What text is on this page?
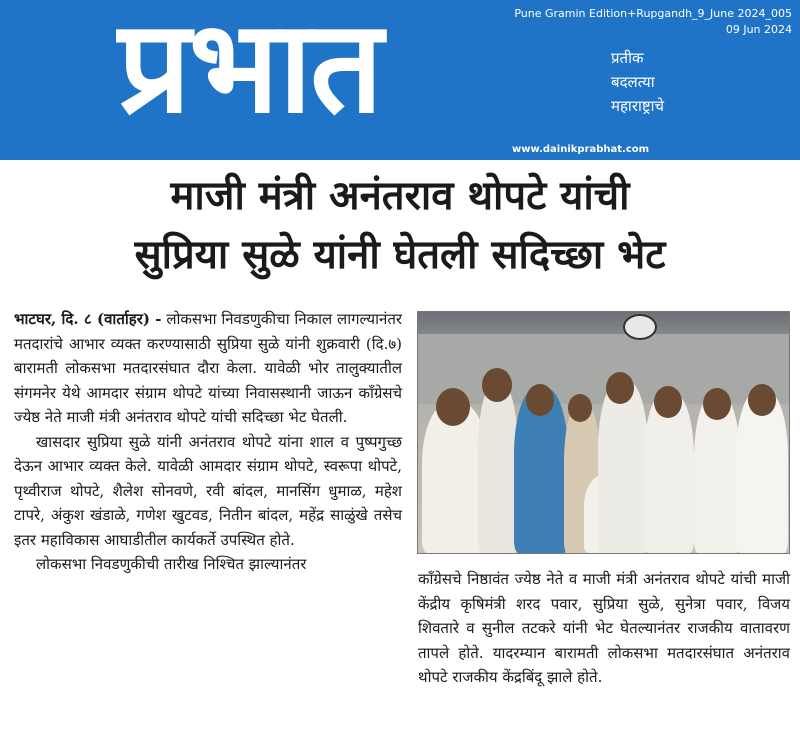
प्रभात	प्रतीक
बदलत्या
महाराष्ट्राचे
Pune Gramin Edition+Rupgandh_9_June 2024_005
09 Jun 2024
www.dainikprabhat.com
माजी मंत्री अनंतराव थोपटे यांची
सुप्रिया सुळे यांनी घेतली सदिच्छा भेट

भाटघर, दि. ८ (वार्ताहर) - लोकसभा निवडणुकीचा निकाल लागल्यानंतर मतदारांचे आभार व्यक्त करण्यासाठी सुप्रिया सुळे यांनी शुक्रवारी (दि.७) बारामती लोकसभा मतदारसंघात दौरा केला. यावेळी भोर तालुक्यातील संगमनेर येथे आमदार संग्राम थोपटे यांच्या निवासस्थानी जाऊन काँग्रेसचे ज्येष्ठ नेते माजी मंत्री अनंतराव थोपटे यांची सदिच्छा भेट घेतली.

खासदार सुप्रिया सुळे यांनी अनंतराव थोपटे यांना शाल व पुष्पगुच्छ देऊन आभार व्यक्त केले. यावेळी आमदार संग्राम थोपटे, स्वरूपा थोपटे, पृथ्वीराज थोपटे, शैलेश सोनवणे, रवी बांदल, मानसिंग धुमाळ, महेश टापरे, अंकुश खंडाळे, गणेश खुटवड, नितीन बांदल, महेंद्र साळुंखे तसेच इतर महाविकास आघाडीतील कार्यकर्ते उपस्थित होते.

लोकसभा निवडणुकीची तारीख निश्चित झाल्यानंतर

काँग्रेसचे निष्ठावंत ज्येष्ठ नेते व माजी मंत्री अनंतराव थोपटे यांची माजी केंद्रीय कृषिमंत्री शरद पवार, सुप्रिया सुळे, सुनेत्रा पवार, विजय शिवतारे व सुनील तटकरे यांनी भेट घेतल्यानंतर राजकीय वातावरण तापले होते. यादरम्यान बारामती लोकसभा मतदारसंघात अनंतराव थोपटे राजकीय केंद्रबिंदू झाले होते.
